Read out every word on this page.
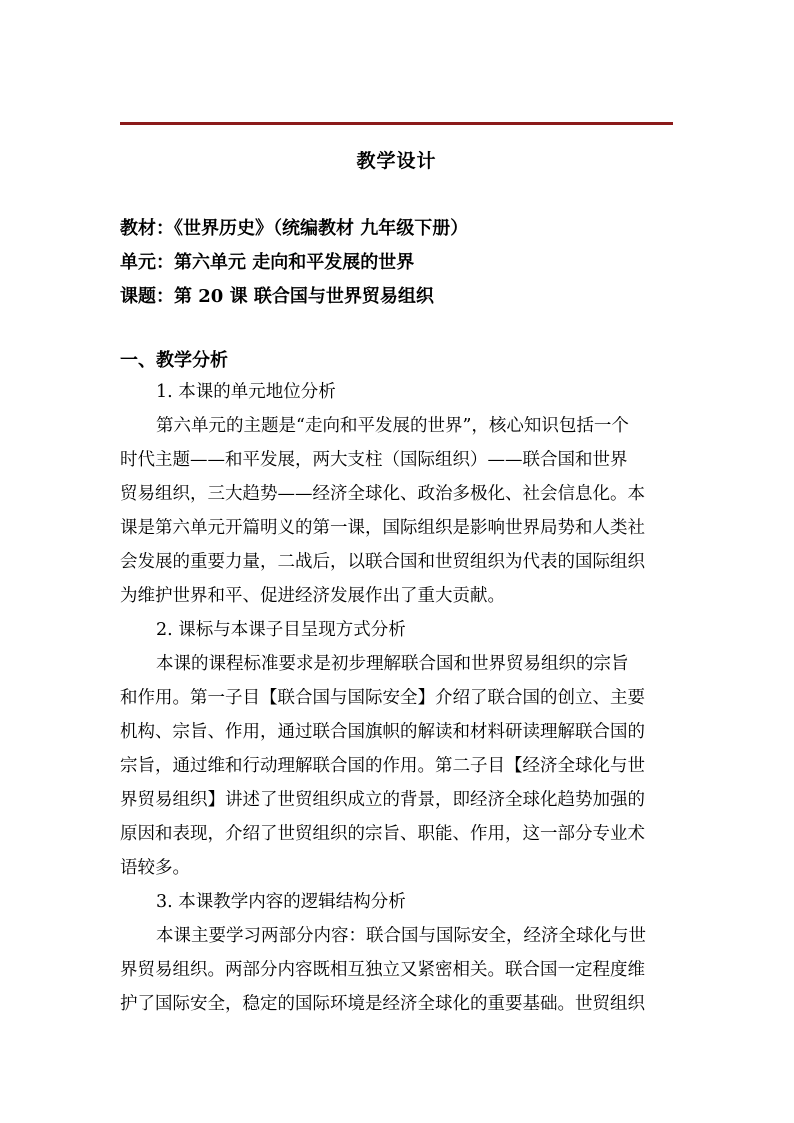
教学设计
教材：《世界历史》（统编教材 九年级下册）
单元：第六单元 走向和平发展的世界
课题：第 20 课 联合国与世界贸易组织
一、教学分析
1. 本课的单元地位分析
第六单元的主题是“走向和平发展的世界”，核心知识包括一个
时代主题——和平发展，两大支柱（国际组织）——联合国和世界
贸易组织，三大趋势——经济全球化、政治多极化、社会信息化。本
课是第六单元开篇明义的第一课，国际组织是影响世界局势和人类社
会发展的重要力量，二战后，以联合国和世贸组织为代表的国际组织
为维护世界和平、促进经济发展作出了重大贡献。
2. 课标与本课子目呈现方式分析
本课的课程标准要求是初步理解联合国和世界贸易组织的宗旨
和作用。第一子目【联合国与国际安全】介绍了联合国的创立、主要
机构、宗旨、作用，通过联合国旗帜的解读和材料研读理解联合国的
宗旨，通过维和行动理解联合国的作用。第二子目【经济全球化与世
界贸易组织】讲述了世贸组织成立的背景，即经济全球化趋势加强的
原因和表现，介绍了世贸组织的宗旨、职能、作用，这一部分专业术
语较多。
3. 本课教学内容的逻辑结构分析
本课主要学习两部分内容：联合国与国际安全，经济全球化与世
界贸易组织。两部分内容既相互独立又紧密相关。联合国一定程度维
护了国际安全，稳定的国际环境是经济全球化的重要基础。世贸组织
